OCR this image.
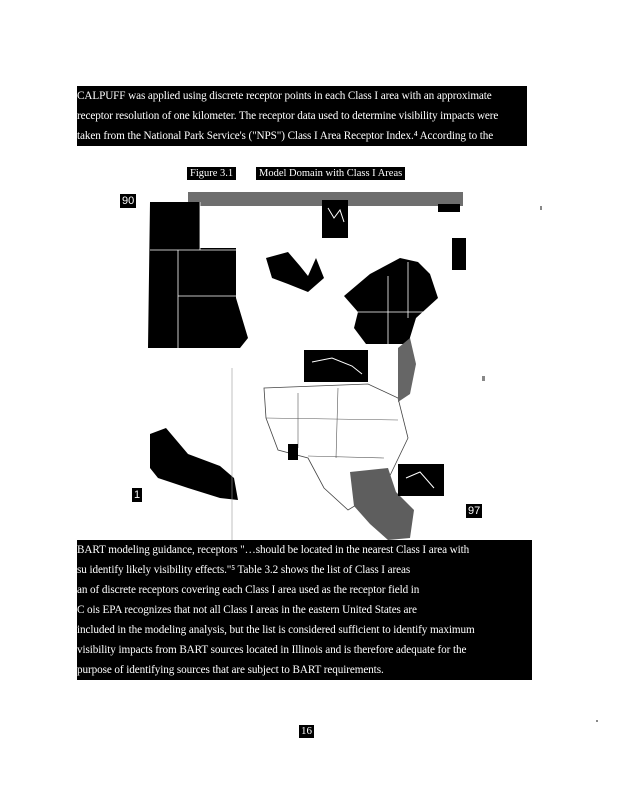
CALPUFF was applied using discrete receptor points in each Class I area with an approximate
receptor resolution of one kilometer. The receptor data used to determine visibility impacts were
taken from the National Park Service's ("NPS") Class I Area Receptor Index.⁴ According to the
Figure 3.1 Model Domain with Class I Areas
90
1
97
BART modeling guidance, receptors "…should be located in the nearest Class I area with
su identify likely visibility effects."⁵ Table 3.2 shows the list of Class I areas
an of discrete receptors covering each Class I area used as the receptor field in
C ois EPA recognizes that not all Class I areas in the eastern United States are
included in the modeling analysis, but the list is considered sufficient to identify maximum
visibility impacts from BART sources located in Illinois and is therefore adequate for the
purpose of identifying sources that are subject to BART requirements.
16
